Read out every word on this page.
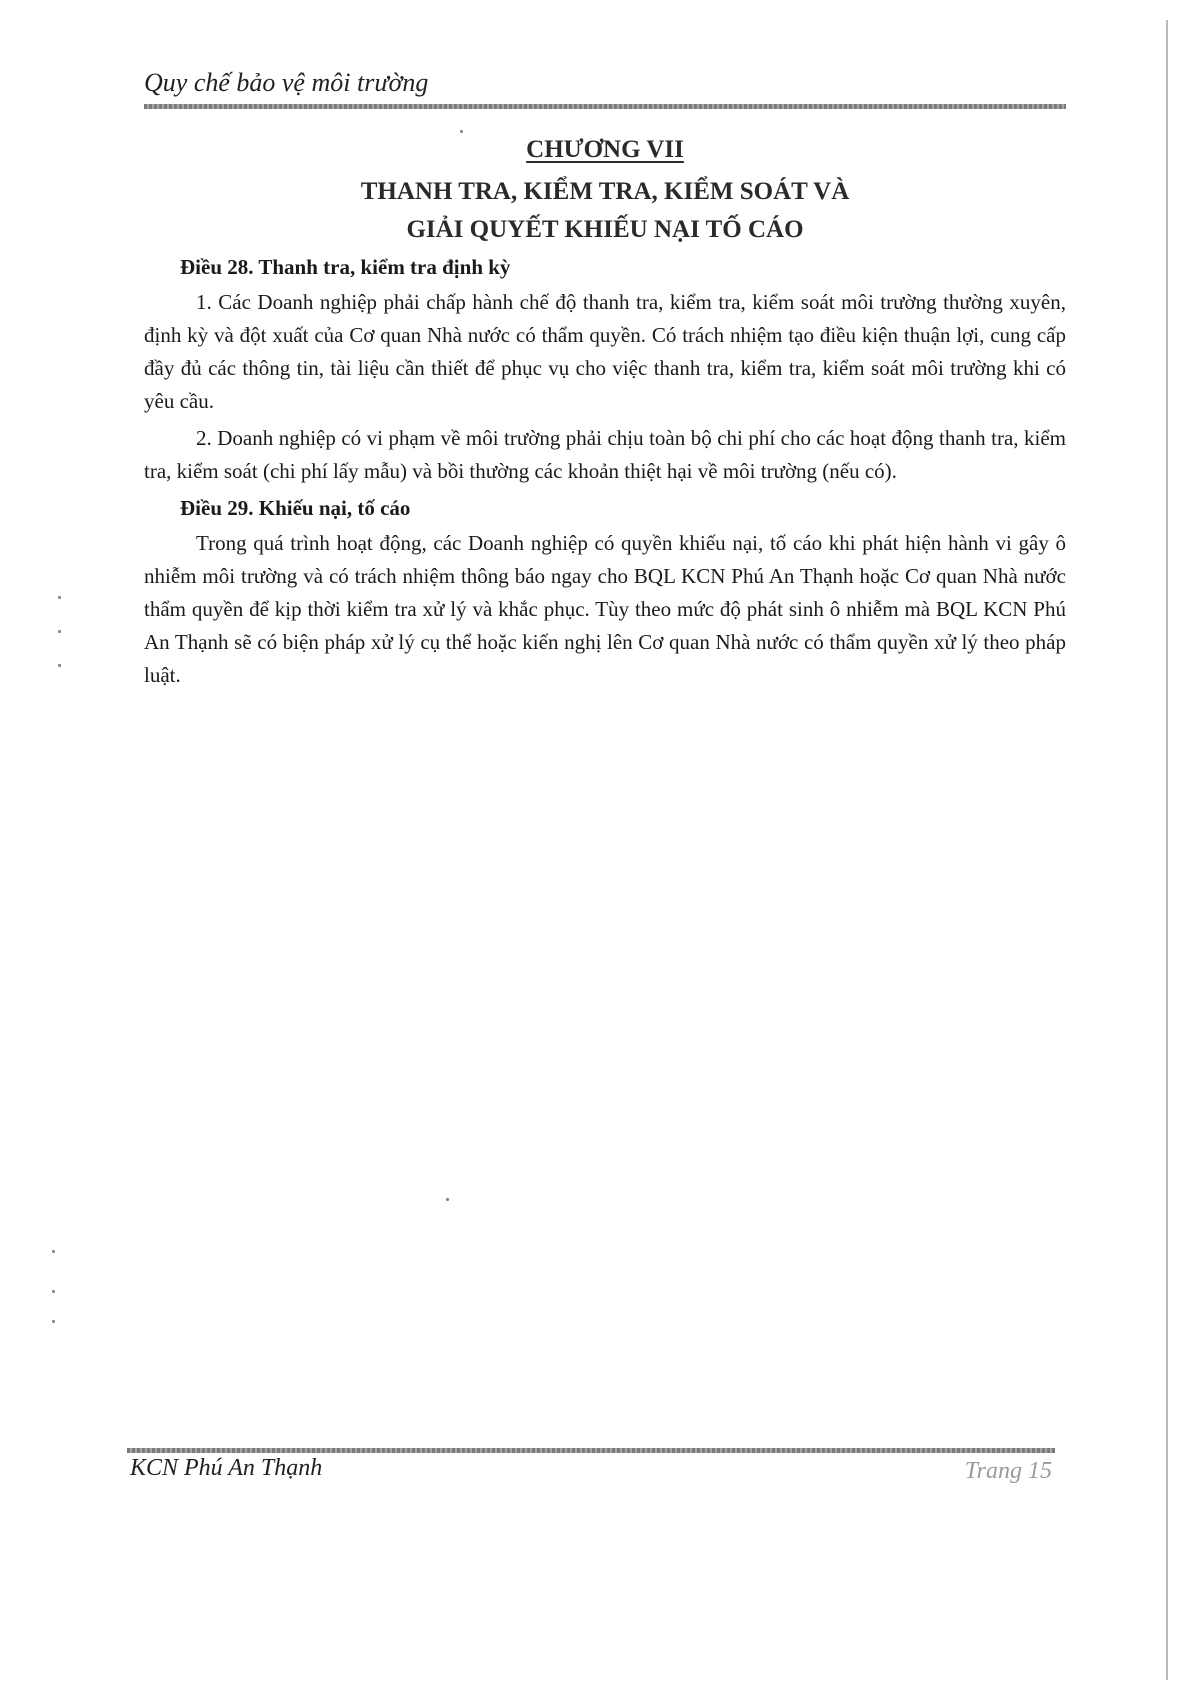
Quy chế bảo vệ môi trường
CHƯƠNG VII
THANH TRA, KIỂM TRA, KIỂM SOÁT VÀ
GIẢI QUYẾT KHIẾU NẠI TỐ CÁO

Điều 28. Thanh tra, kiểm tra định kỳ

1. Các Doanh nghiệp phải chấp hành chế độ thanh tra, kiểm tra, kiểm soát môi trường thường xuyên, định kỳ và đột xuất của Cơ quan Nhà nước có thẩm quyền. Có trách nhiệm tạo điều kiện thuận lợi, cung cấp đầy đủ các thông tin, tài liệu cần thiết để phục vụ cho việc thanh tra, kiểm tra, kiểm soát môi trường khi có yêu cầu.

2. Doanh nghiệp có vi phạm về môi trường phải chịu toàn bộ chi phí cho các hoạt động thanh tra, kiểm tra, kiểm soát (chi phí lấy mẫu) và bồi thường các khoản thiệt hại về môi trường (nếu có).

Điều 29. Khiếu nại, tố cáo

Trong quá trình hoạt động, các Doanh nghiệp có quyền khiếu nại, tố cáo khi phát hiện hành vi gây ô nhiễm môi trường và có trách nhiệm thông báo ngay cho BQL KCN Phú An Thạnh hoặc Cơ quan Nhà nước thẩm quyền để kịp thời kiểm tra xử lý và khắc phục. Tùy theo mức độ phát sinh ô nhiễm mà BQL KCN Phú An Thạnh sẽ có biện pháp xử lý cụ thể hoặc kiến nghị lên Cơ quan Nhà nước có thẩm quyền xử lý theo pháp luật.

KCN Phú An Thạnh	Trang 15
